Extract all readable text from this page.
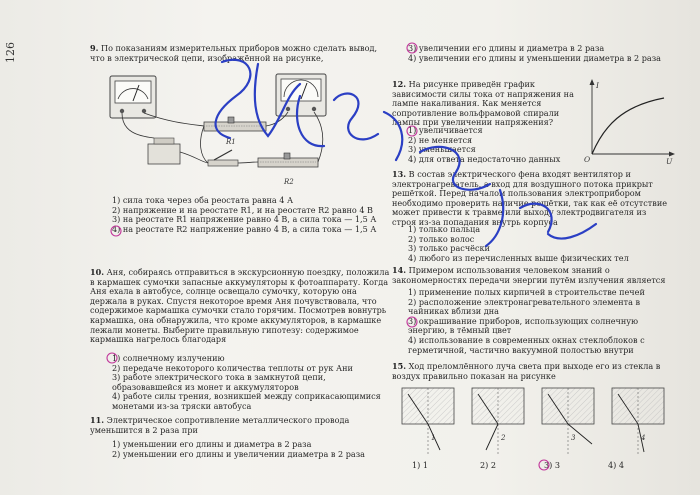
126	9. По показаниям измерительных приборов можно сделать вывод, что в электрической цепи, изображённой на рисунке,
R1
R2
1) сила тока через оба реостата равна 4 А
2) напряжение и на реостате R1, и на реостате R2 равно 4 В
3) на реостате R1 напряжение равно 4 В, а сила тока — 1,5 А
4) на реостате R2 напряжение равно 4 В, а сила тока — 1,5 А
10. Аня, собираясь отправиться в экскурсионную поездку, положила в кармашек сумочки запасные аккумуляторы к фотоаппарату. Когда Аня ехала в автобусе, солнце освещало сумочку, которую она держала в руках. Спустя некоторое время Аня почувствовала, что содержимое кармашка сумочки стало горячим. Посмотрев вовнутрь кармашка, она обнаружила, что кроме аккумуляторов, в кармашке лежали монеты. Выберите правильную гипотезу: содержимое кармашка нагрелось благодаря
1) солнечному излучению
2) передаче некоторого количества теплоты от рук Ани
3) работе электрического тока в замкнутой цепи, образовавшейся из монет и аккумуляторов
4) работе силы трения, возникшей между соприкасающимися монетами из-за тряски автобуса
11. Электрическое сопротивление металлического провода уменьшится в 2 раза при
1) уменьшении его длины и диаметра в 2 раза
2) уменьшении его длины и увеличении диаметра в 2 раза
3) увеличении его длины и диаметра в 2 раза
4) увеличении его длины и уменьшении диаметра в 2 раза
12. На рисунке приведён график зависимости силы тока от напряжения на лампе накаливания. Как меняется сопротивление вольфрамовой спирали лампы при увеличении напряжения?
1) увеличивается
2) не меняется
3) уменьшается
4) для ответа недостаточно данных
I
U
O
13. В состав электрического фена входят вентилятор и электронагреватель, а вход для воздушного потока прикрыт решёткой. Перед началом пользования электроприбором необходимо проверить наличие решётки, так как её отсутствие может привести к травме или выходу электродвигателя из строя из-за попадания внутрь корпуса
1) только пальца
2) только волос
3) только расчёски
4) любого из перечисленных выше физических тел
14. Примером использования человеком знаний о закономерностях передачи энергии путём излучения является
1) применение полых кирпичей в строительстве печей
2) расположение электронагревательного элемента в чайниках вблизи дна
3) окрашивание приборов, использующих солнечную энергию, в тёмный цвет
4) использование в современных окнах стеклоблоков с герметичной, частично вакуумной полостью внутри
15. Ход преломлённого луча света при выходе его из стекла в воздух правильно показан на рисунке
1	2	3	4
1) 1	2) 2	3) 3	4) 4
